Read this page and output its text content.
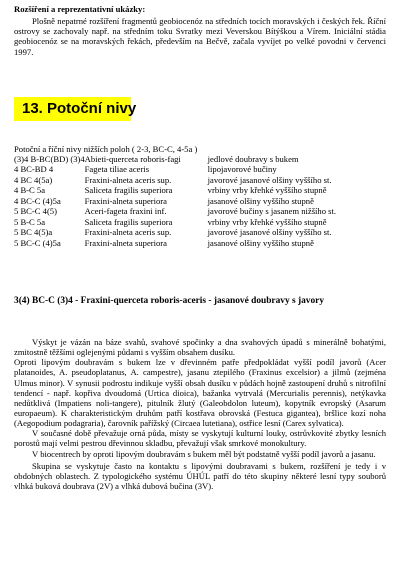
Rozšíření a reprezentativní ukázky:

Plošně nepatrné rozšíření fragmentů geobiocenóz na středních tocích moravských i českých řek. Říční ostrovy se zachovaly např. na středním toku Svratky mezi Veverskou Bítýškou a Vírem. Iniciální stádia geobiocenóz se na moravských řekách, především na Bečvě, začala vyvíjet po velké povodni v červenci 1997.

13. Potoční nivy
Potoční a říční nivy nižších poloh ( 2-3, BC-C, 4-5a )
(3)4 B-BC(BD) (3)4	Abieti-querceta roboris-fagi	jedlové doubravy s bukem
4 BC-BD 4	Fageta tiliae aceris	lipojavorové bučiny
4 BC 4(5a)	Fraxini-alneta aceris sup.	javorové jasanové olšiny vyššího st.
4 B-C 5a	Saliceta fragilis superiora	vrbiny vrby křehké vyššího stupně
4 BC-C (4)5a	Fraxini-alneta superiora	jasanové olšiny vyššího stupně
5 BC-C 4(5)	Aceri-fageta fraxini inf.	javorové bučiny s jasanem nižšího st.
5 B-C 5a	Saliceta fragilis superiora	vrbiny vrby křehké vyššího stupně
5 BC 4(5)a	Fraxini-alneta aceris sup.	javorové jasanové olšiny vyššího st.
5 BC-C (4)5a	Fraxini-alneta superiora	jasanové olšiny vyššího stupně
3(4) BC-C (3)4 - Fraxini-querceta roboris-aceris - jasanové doubravy s javory

Výskyt je vázán na báze svahů, svahové spočinky a dna svahových úpadů s minerálně bohatými, zmitostně těžšími oglejenými půdami s vyšším obsahem dusíku.

Oproti lipovým doubravám s bukem lze v dřevinném patře předpokládat vyšší podíl javorů (Acer platanoides, A. pseudoplatanus, A. campestre), jasanu ztepilého (Fraxinus excelsior) a jilmů (zejména Ulmus minor). V synusii podrostu indikuje vyšší obsah dusíku v půdách hojně zastoupení druhů s nitrofilní tendencí - např. kopřiva dvoudomá (Urtica dioica), bažanka vytrvalá (Mercurialis perennis), netýkavka nedůtklivá (Impatiens noli-tangere), pitulník žlutý (Galeobdolon luteum), kopytník evropský (Asarum europaeum). K charakteristickým druhům patří kostřava obrovská (Festuca gigantea), bršlice kozí noha (Aegopodium podagraria), čarovník pařížský (Circaea lutetiana), ostřice lesní (Carex sylvatica).

V současné době převažuje orná půda, místy se vyskytují kulturní louky, ostrůvkovité zbytky lesních porostů mají velmi pestrou dřevinnou skladbu, převažují však smrkové monokultury.

V biocentrech by oproti lipovým doubravám s bukem měl být podstatně vyšší podíl javorů a jasanu.

Skupina se vyskytuje často na kontaktu s lipovými doubravami s bukem, rozšíření je tedy i v obdobných oblastech. Z typologického systému ÚHÚL patří do této skupiny některé lesní typy souborů vlhká buková doubrava (2V) a vlhká dubová bučina (3V).
